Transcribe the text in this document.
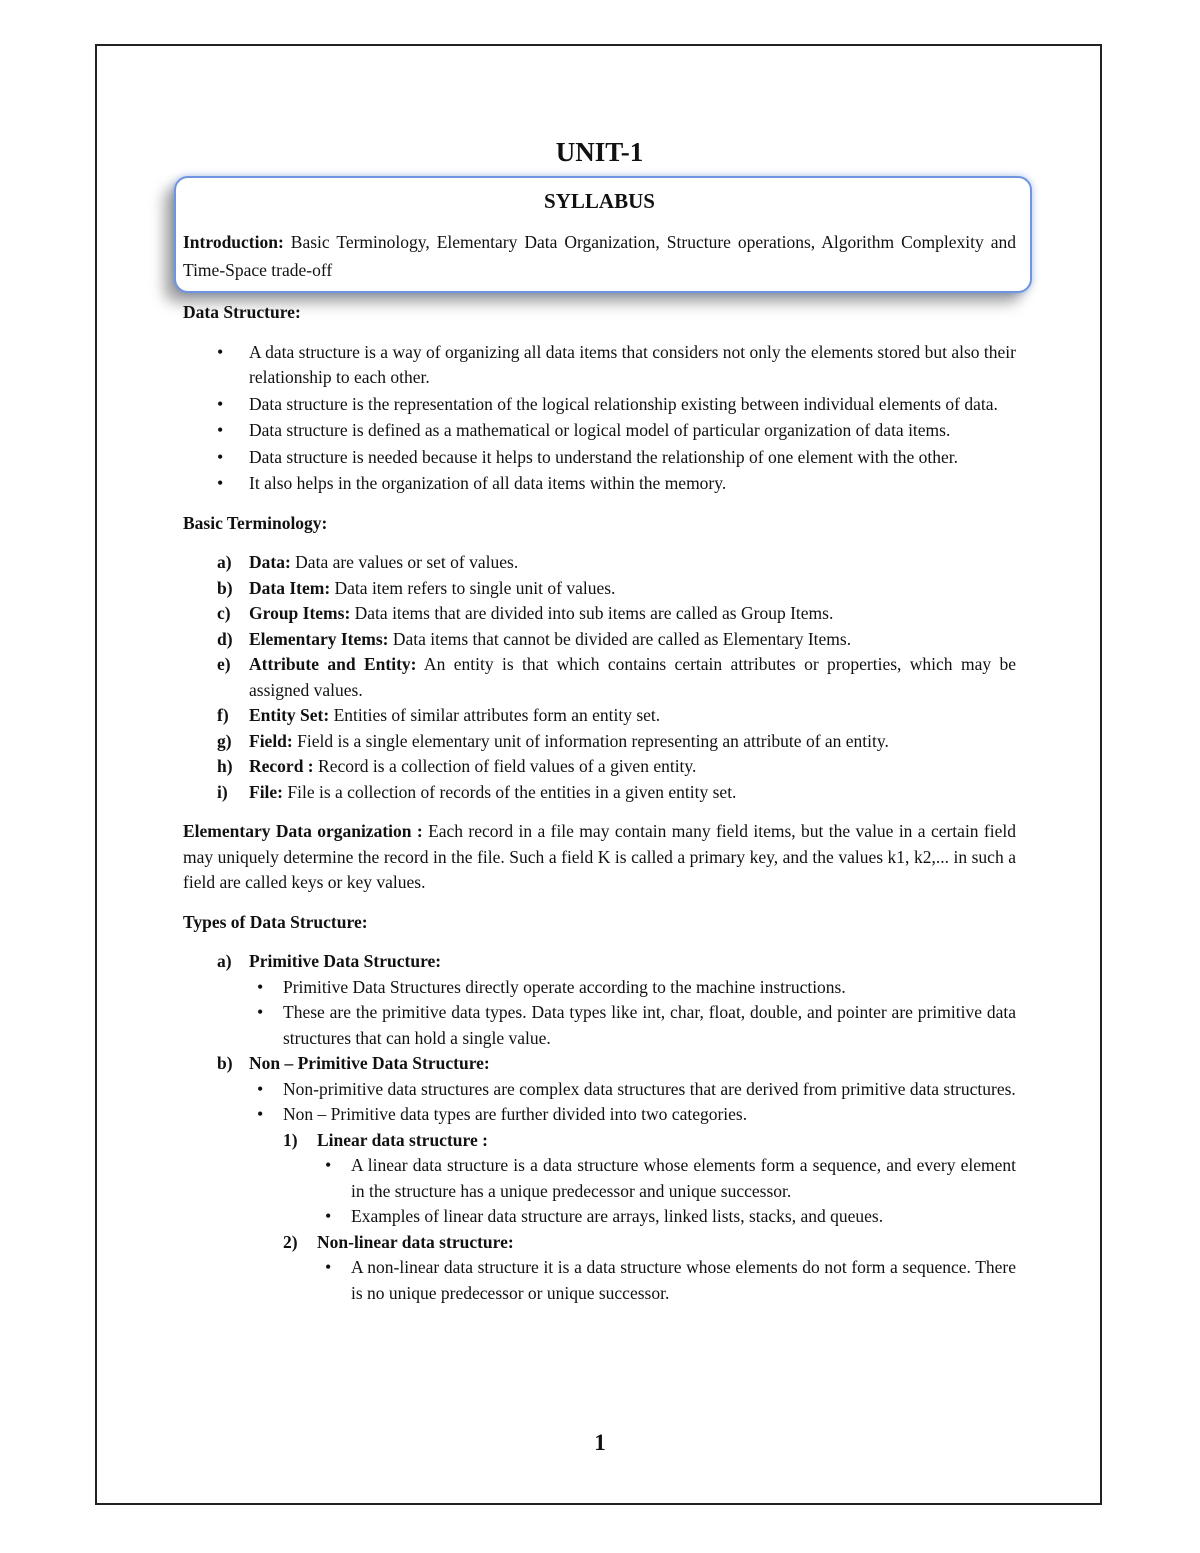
UNIT-1
SYLLABUS
Introduction: Basic Terminology, Elementary Data Organization, Structure operations, Algorithm Complexity and Time-Space trade-off

Data Structure:

• A data structure is a way of organizing all data items that considers not only the elements stored but also their relationship to each other.
• Data structure is the representation of the logical relationship existing between individual elements of data.
• Data structure is defined as a mathematical or logical model of particular organization of data items.
• Data structure is needed because it helps to understand the relationship of one element with the other.
• It also helps in the organization of all data items within the memory.

Basic Terminology:

a) Data: Data are values or set of values.
b) Data Item: Data item refers to single unit of values.
c) Group Items: Data items that are divided into sub items are called as Group Items.
d) Elementary Items: Data items that cannot be divided are called as Elementary Items.
e) Attribute and Entity: An entity is that which contains certain attributes or properties, which may be assigned values.
f) Entity Set: Entities of similar attributes form an entity set.
g) Field: Field is a single elementary unit of information representing an attribute of an entity.
h) Record : Record is a collection of field values of a given entity.
i) File: File is a collection of records of the entities in a given entity set.

Elementary Data organization : Each record in a file may contain many field items, but the value in a certain field may uniquely determine the record in the file. Such a field K is called a primary key, and the values k1, k2,... in such a field are called keys or key values.

Types of Data Structure:

a) Primitive Data Structure:
• Primitive Data Structures directly operate according to the machine instructions.
• These are the primitive data types. Data types like int, char, float, double, and pointer are primitive data structures that can hold a single value.
b) Non – Primitive Data Structure:
• Non-primitive data structures are complex data structures that are derived from primitive data structures.
• Non – Primitive data types are further divided into two categories.
1) Linear data structure :
• A linear data structure is a data structure whose elements form a sequence, and every element in the structure has a unique predecessor and unique successor.
• Examples of linear data structure are arrays, linked lists, stacks, and queues.
2) Non-linear data structure:
• A non-linear data structure it is a data structure whose elements do not form a sequence. There is no unique predecessor or unique successor.
1
